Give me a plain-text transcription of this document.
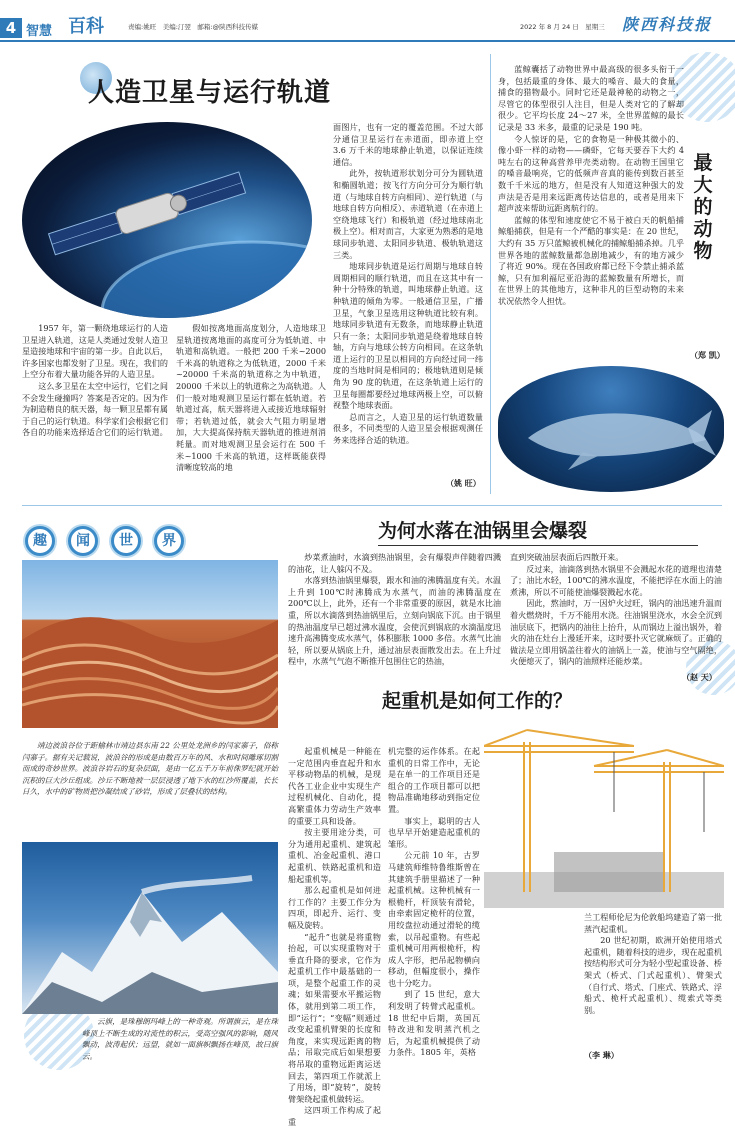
4 智慧 百科	责编:姚旺　美编:汀翌　邮箱:@陕西科技传媒	2022 年 8 月 24 日　星期三 陕西科技报
人造卫星与运行轨道

1957 年，第一颗绕地球运行的人造卫星进入轨道，这是人类通过发射人造卫星造接地球和宇宙的第一步。自此以后，许多国家也都发射了卫星。现在，我们的上空分布着大量功能各异的人造卫星。

这么多卫星在太空中运行，它们之间不会发生碰撞吗？答案是否定的。因为作为制造精良的航天器，每一颗卫星都有属于自己的运行轨道。科学家们会根据它们各自的功能来选择适合它们的运行轨道。

假如按离地面高度划分，人造地球卫星轨道按离地面的高度可分为低轨道、中轨道和高轨道。一般把 200 千米~2000 千米高的轨道称之为低轨道，2000 千米~20000 千米高的轨道称之为中轨道，20000 千米以上的轨道称之为高轨道。人们一般对地观测卫星运行都在低轨道。若轨道过高，航天器将进入或接近地球辐射带；若轨道过低，就会大气阻力明显增加，大大提高保持航天器轨道的推进剂消耗量。而对地观测卫星会运行在 500 千米~1000 千米高的轨道，这样既能获得清晰度较高的地

面图片，也有一定的覆盖范围。不过大部分通信卫星运行在赤道面，即赤道上空 3.6 万千米的地球静止轨道，以保证连续通信。

此外，按轨道形状划分可分为圆轨道和椭圆轨道；按飞行方向分可分为顺行轨道（与地球自转方向相同）、逆行轨道（与地球自转方向相反）、赤道轨道（在赤道上空绕地球飞行）和极轨道（经过地球南北极上空）。相对而言，大家更为熟悉的是地球同步轨道、太阳同步轨道、极轨轨道这三类。

地球同步轨道是运行周期与地球自转周期相同的顺行轨道，而且在这其中有一种十分特殊的轨道，叫地球静止轨道。这种轨道的倾角为零。一般通信卫星，广播卫星，气象卫星选用这种轨道比较有利。地球同步轨道有无数条，而地球静止轨道只有一条；太阳同步轨道是绕着地球自转轴，方向与地球公转方向相同。在这条轨道上运行的卫星以相同的方向经过同一纬度的当地时间是相同的；极地轨道则是倾角为 90 度的轨道，在这条轨道上运行的卫星每圈都要经过地球两极上空，可以俯视整个地球表面。

总而言之，人造卫星的运行轨道数量很多，不同类型的人造卫星会根据观测任务来选择合适的轨道。

（姚 旺）

蓝鲸囊括了动物世界中最高级的很多头衔于一身，包括最重的身体、最大的嗓音、最大的食量，捕食的猎物最小。同时它还是最神秘的动物之一，尽管它的体型很引人注目，但是人类对它的了解却很少。它平均长度 24～27 米，全世界蓝鲸的最长记录是 33 米多，最重的记录是 190 吨。

令人惊讶的是，它的食物是一种极其微小的、像小虾一样的动物——磷虾，它每天要吞下大约 4 吨左右的这种高营养甲壳类动物。在动物王国里它的嗓音最响亮，它的低频声音真的能传到数百甚至数千千米远的地方，但是没有人知道这种强大的发声法是否是用来远距离传达信息的，或者是用来下超声波来帮助远距离航行的。

蓝鲸的体型和速度使它不易于被白天的帆船捕鲸船捕获，但是有一个严酷的事实是：在 20 世纪，大约有 35 万只蓝鲸被机械化的捕鲸船捕杀掉。几乎世界各地的蓝鲸数量都急剧地减少，有的地方减少了将近 90%。现在各国政府都已经下令禁止捕杀蓝鲸，只有加利福尼亚沿海的蓝鲸数量有所增长，而在世界上的其他地方，这种非凡的巨型动物的未来状况依然令人担忧。

最
大
的
动
物
（郑 凯）
趣	闻	世	界

靖边波浪谷位于距榆林市靖边县东南 22 公里处龙洲乡的闫家寨子，俗称闫寨子。据有关记载说，波浪谷的形成是由数百万年的风、水和时间雕琢切割而成的奇妙世界。波浪谷岩石的复杂层面，是由一亿五千万年前侏罗纪就开始沉积的巨大沙丘组成。沙丘不断地被一层层浸透了地下水的红沙所覆盖，长长日久，水中的矿物质把沙凝结成了砂岩，形成了层叠状的结构。

云旗，是珠穆朗玛峰上的一种奇观。所谓旗云，是在珠峰顶上不断生成的对流性的积云，受高空强风的影响，随风飘动，波涛起伏；远望，就如一面旗帜飘扬在峰顶，故曰旗云。

为何水落在油锅里会爆裂

炒菜煮油时，水滴到热油锅里，会有爆裂声伴随着四溅的油花，让人躲闪不及。

水落到热油锅里爆裂，跟水和油的沸腾温度有关。水温上升到 100℃时沸腾成为水蒸气，而油的沸腾温度在 200℃以上，此外，还有一个非常重要的原因，就是水比油重，所以水滴落到热油锅里后，立刻向锅底下沉。由于锅里的热油温度早已超过沸水温度，会使沉到锅底的水滴温度迅速升高沸腾变成水蒸气，体积膨胀 1000 多倍。水蒸气比油轻，所以要从锅底上升，通过油层表面散发出去。在上升过程中，水蒸气气泡不断推开包围住它的热油，

直到突破油层表面后四散开来。

反过来，油滴落到热水锅里不会溅起水花的道理也清楚了；油比水轻，100℃的沸水温度，不能把浮在水面上的油煮沸，所以不可能使油爆裂溅起水花。

因此，熬油时，万一因炉火过旺，锅内的油迅速升温而着火燃烧时，千万不能用水浇。往油锅里浇水，水会全沉到油层底下，把锅内的油往上抬升，从而锅边上溢出锅外，着火的油在灶台上漫延开来，这时要扑灭它就麻烦了。正确的做法是立即用锅盖往着火的油锅上一盖，使油与空气隔绝，火便熄灭了，锅内的油照样还能炒菜。

（赵 天）
起重机是如何工作的？

起重机械是一种能在一定范围内垂直起升和水平移动物品的机械，是现代各工业企业中实现生产过程机械化、自动化，提高繁重体力劳动生产效率的重要工具和设备。

按主要用途分类，可分为通用起重机、建筑起重机、冶金起重机、港口起重机、铁路起重机和造船起重机等。

那么起重机是如何进行工作的？主要工作分为四项，即起升、运行、变幅及旋转。

“起升”也就是将重物抬起，可以实现重物对于垂直升降的要求，它作为起重机工作中最基础的一项，是整个起重工作的灵魂；如果需要水平搬运物体，就用到第二项工作，即“运行”；“变幅”则通过改变起重机臂架的长度和角度，来实现远距离的物品；吊取完成后如果想要将吊取的重物远距离运送回去，第四项工作就派上了用场，即“旋转”，旋转臂架绕起重机做转运。

这四项工作构成了起重

机完整的运作体系。在起重机的日常工作中，无论是在单一的工作项目还是组合的工作项目都可以把物品准确地移动到指定位置。

事实上，聪明的古人也早早开始建造起重机的雏形。

公元前 10 年，古罗马建筑师维特鲁维斯曾在其建筑手册里描述了一种起重机械。这种机械有一根桅杆，杆顶装有滑轮，由牵索固定桅杆的位置，用绞盘拉动通过滑轮的缆索，以吊起重物。有些起重机械可用两根桅杆，构成人字形，把吊起物横向移动，但幅度很小，操作也十分吃力。

到了 15 世纪，意大利发明了转臂式起重机。18 世纪中后期，英国瓦特改进和发明蒸汽机之后，为起重机械提供了动力条件。1805 年，英格

兰工程师伦尼为伦敦船坞建造了第一批蒸汽起重机。

20 世纪初期，欧洲开始使用塔式起重机，随着科技的进步，现在起重机按结构形式可分为轻小型起重设备、桥架式（桥式、门式起重机）、臂架式（自行式、塔式、门座式、铁路式、浮船式、桅杆式起重机）、缆索式等类别。

（李 琳）
